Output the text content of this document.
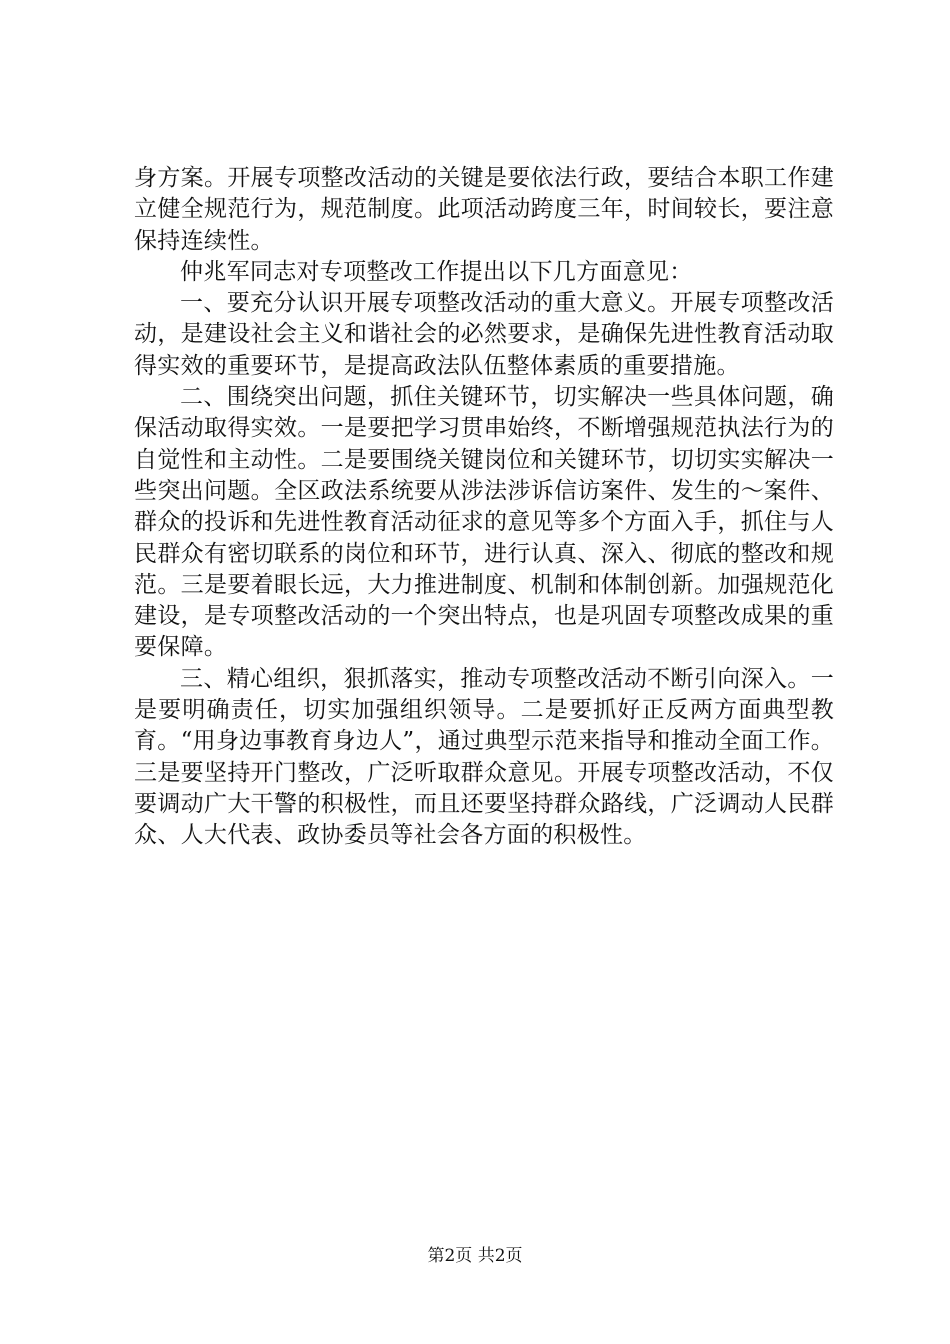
身方案。开展专项整改活动的关键是要依法行政，要结合本职工作建立健全规范行为，规范制度。此项活动跨度三年，时间较长，要注意保持连续性。

仲兆军同志对专项整改工作提出以下几方面意见：

一、要充分认识开展专项整改活动的重大意义。开展专项整改活动，是建设社会主义和谐社会的必然要求，是确保先进性教育活动取得实效的重要环节，是提高政法队伍整体素质的重要措施。

二、围绕突出问题，抓住关键环节，切实解决一些具体问题，确保活动取得实效。一是要把学习贯串始终，不断增强规范执法行为的自觉性和主动性。二是要围绕关键岗位和关键环节，切切实实解决一些突出问题。全区政法系统要从涉法涉诉信访案件、发生的～案件、群众的投诉和先进性教育活动征求的意见等多个方面入手，抓住与人民群众有密切联系的岗位和环节，进行认真、深入、彻底的整改和规范。三是要着眼长远，大力推进制度、机制和体制创新。加强规范化建设，是专项整改活动的一个突出特点，也是巩固专项整改成果的重要保障。

三、精心组织，狠抓落实，推动专项整改活动不断引向深入。一是要明确责任，切实加强组织领导。二是要抓好正反两方面典型教育。“用身边事教育身边人”，通过典型示范来指导和推动全面工作。三是要坚持开门整改，广泛听取群众意见。开展专项整改活动，不仅要调动广大干警的积极性，而且还要坚持群众路线，广泛调动人民群众、人大代表、政协委员等社会各方面的积极性。

第2页 共2页
